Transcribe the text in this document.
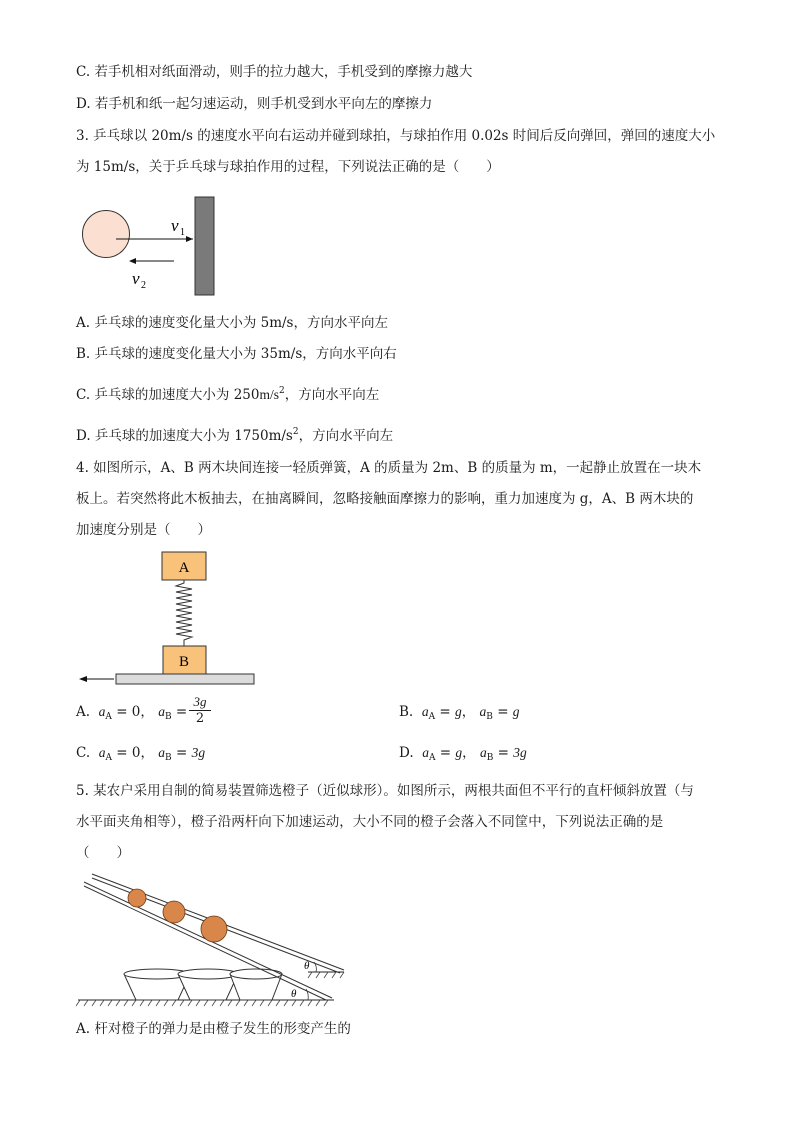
C. 若手机相对纸面滑动，则手的拉力越大，手机受到的摩擦力越大
D. 若手机和纸一起匀速运动，则手机受到水平向左的摩擦力
3. 乒乓球以 20m/s 的速度水平向右运动并碰到球拍，与球拍作用 0.02s 时间后反向弹回，弹回的速度大小
为 15m/s，关于乒乓球与球拍作用的过程，下列说法正确的是（　　）
v 1
v 2
A. 乒乓球的速度变化量大小为 5m/s，方向水平向左
B. 乒乓球的速度变化量大小为 35m/s，方向水平向右
C. 乒乓球的加速度大小为 $250m/s^2$，方向水平向左
D. 乒乓球的加速度大小为 $1750m/s^2$，方向水平向左
4. 如图所示，A、B 两木块间连接一轻质弹簧，A 的质量为 2m、B 的质量为 m，一起静止放置在一块木
板上。若突然将此木板抽去，在抽离瞬间，忽略接触面摩擦力的影响，重力加速度为 g，A、B 两木块的
加速度分别是（　　）
A
B
A. $a_A = 0$， $a_B$ =
3g
2	B. $a_A = g$， $a_B = g$
C. $a_A = 0$， $a_B = 3g$	D. $a_A = g$， $a_B = 3g$
5. 某农户采用自制的简易装置筛选橙子（近似球形）。如图所示，两根共面但不平行的直杆倾斜放置（与
水平面夹角相等），橙子沿两杆向下加速运动，大小不同的橙子会落入不同筐中，下列说法正确的是
（　　）
θ
θ
A. 杆对橙子的弹力是由橙子发生的形变产生的
